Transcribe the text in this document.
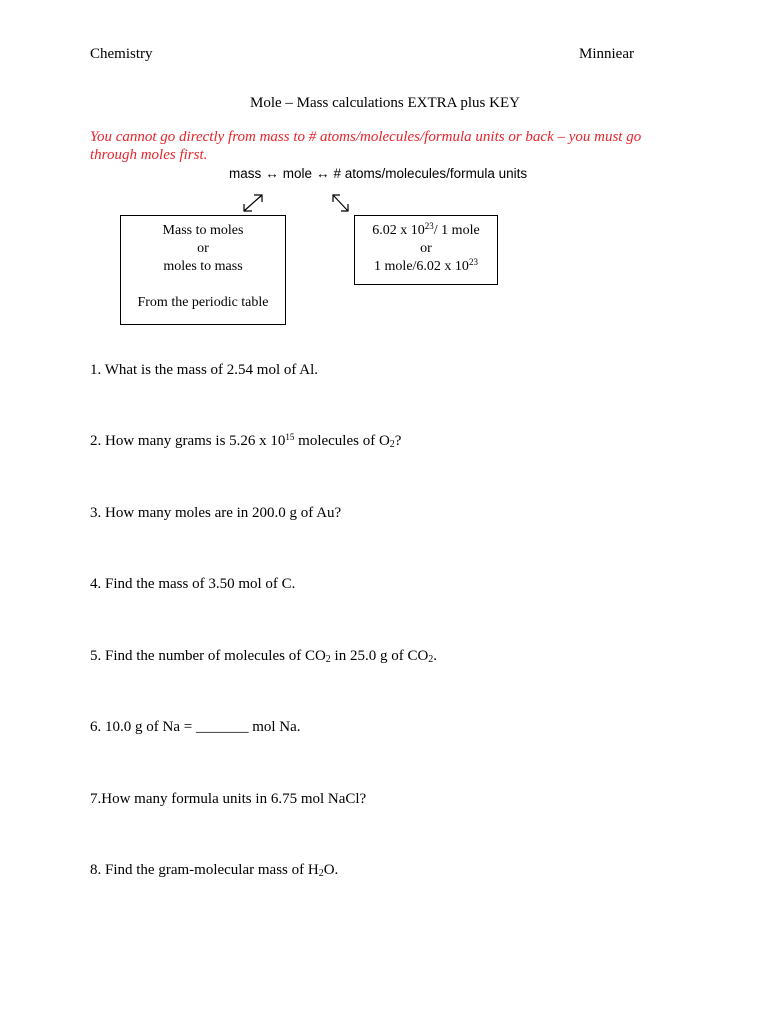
Chemistry	Minniear
Mole – Mass calculations EXTRA plus KEY
You cannot go directly from mass to # atoms/molecules/formula units or back – you must go through moles first.
mass ↔ mole ↔ # atoms/molecules/formula units
Mass to moles
or
moles to mass
From the periodic table
6.02 x $10^{23}/$ 1 mole
or
1 mole/6.02 x $10^{23}$
1. What is the mass of 2.54 mol of Al.
2. How many grams is 5.26 x $10^{15}$ molecules of $O_2$?
3. How many moles are in 200.0 g of Au?
4. Find the mass of 3.50 mol of C.
5. Find the number of molecules of $CO_2$ in 25.0 g of $CO_2$.
6. 10.0 g of Na = _______ mol Na.
7.How many formula units in 6.75 mol NaCl?
8. Find the gram-molecular mass of $H_2O$.
